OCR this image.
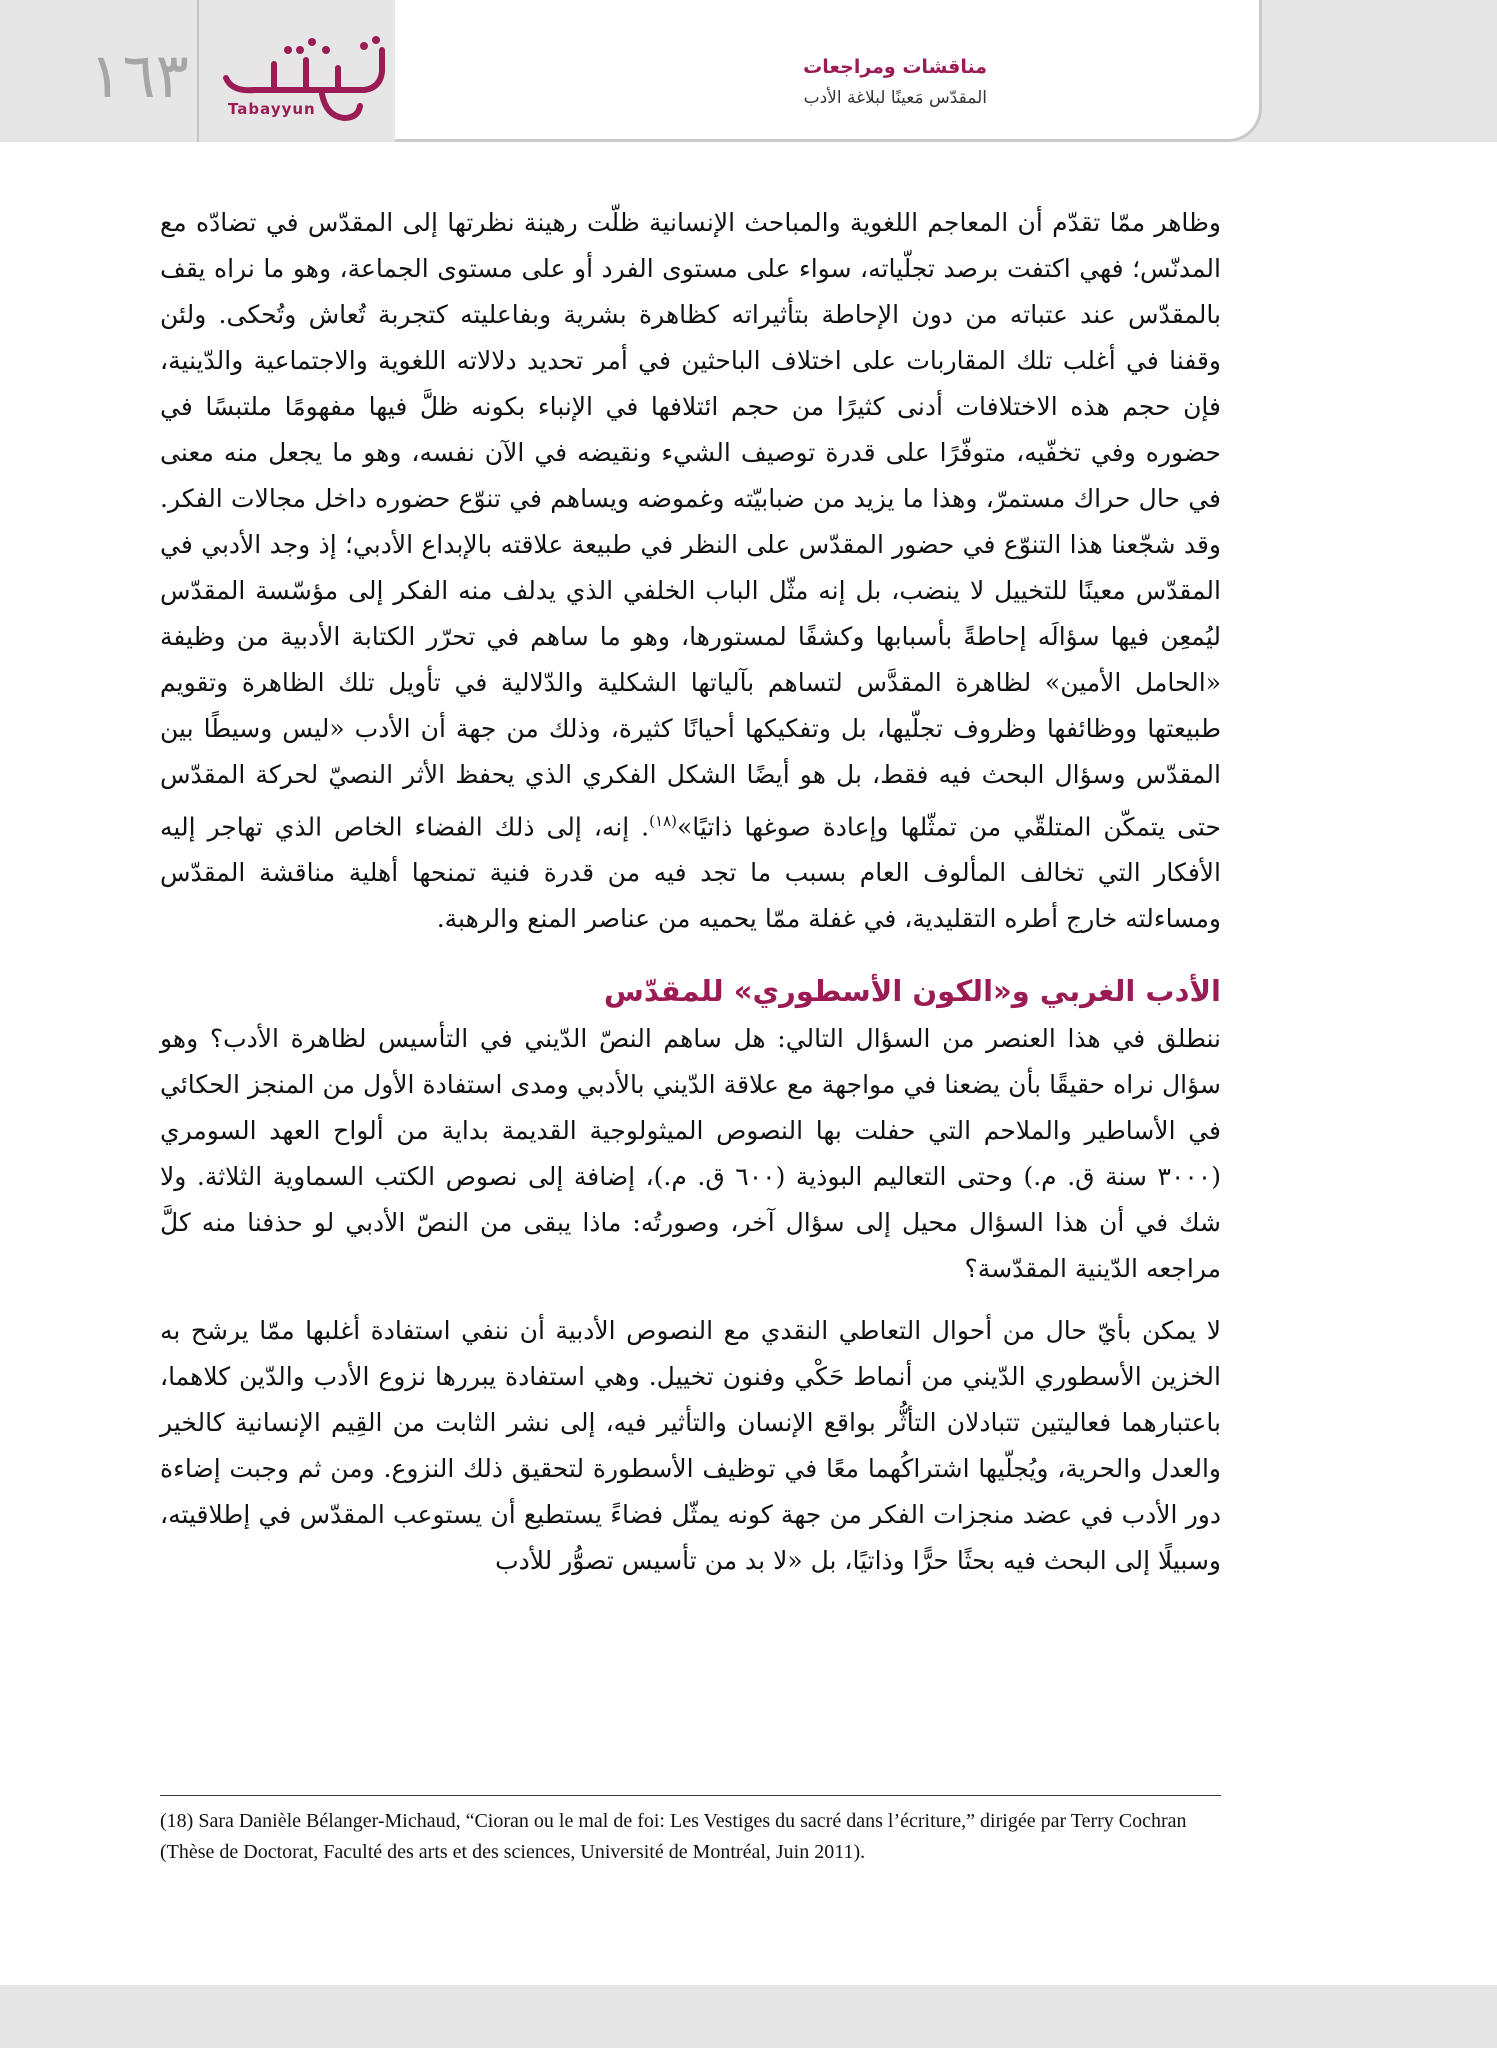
مناقشات ومراجعات
المقدّس مَعينًا لبلاغة الأدب
١٦٣	Tabayyun

وظاهر ممّا تقدّم أن المعاجم اللغوية والمباحث الإنسانية ظلّت رهينة نظرتها إلى المقدّس في تضادّه مع المدنّس؛ فهي اكتفت برصد تجلّياته، سواء على مستوى الفرد أو على مستوى الجماعة، وهو ما نراه يقف بالمقدّس عند عتباته من دون الإحاطة بتأثيراته كظاهرة بشرية وبفاعليته كتجربة تُعاش وتُحكى. ولئن وقفنا في أغلب تلك المقاربات على اختلاف الباحثين في أمر تحديد دلالاته اللغوية والاجتماعية والدّينية، فإن حجم هذه الاختلافات أدنى كثيرًا من حجم ائتلافها في الإنباء بكونه ظلَّ فيها مفهومًا ملتبسًا في حضوره وفي تخفّيه، متوفّرًا على قدرة توصيف الشيء ونقيضه في الآن نفسه، وهو ما يجعل منه معنى في حال حراك مستمرّ، وهذا ما يزيد من ضبابيّته وغموضه ويساهم في تنوّع حضوره داخل مجالات الفكر. وقد شجّعنا هذا التنوّع في حضور المقدّس على النظر في طبيعة علاقته بالإبداع الأدبي؛ إذ وجد الأدبي في المقدّس معينًا للتخييل لا ينضب، بل إنه مثّل الباب الخلفي الذي يدلف منه الفكر إلى مؤسّسة المقدّس ليُمعِن فيها سؤالَه إحاطةً بأسبابها وكشفًا لمستورها، وهو ما ساهم في تحرّر الكتابة الأدبية من وظيفة «الحامل الأمين» لظاهرة المقدَّس لتساهم بآلياتها الشكلية والدّلالية في تأويل تلك الظاهرة وتقويم طبيعتها ووظائفها وظروف تجلّيها، بل وتفكيكها أحيانًا كثيرة، وذلك من جهة أن الأدب «ليس وسيطًا بين المقدّس وسؤال البحث فيه فقط، بل هو أيضًا الشكل الفكري الذي يحفظ الأثر النصيّ لحركة المقدّس حتى يتمكّن المتلقّي من تمثّلها وإعادة صوغها ذاتيًا»$^{(١٨)}$. إنه، إلى ذلك الفضاء الخاص الذي تهاجر إليه الأفكار التي تخالف المألوف العام بسبب ما تجد فيه من قدرة فنية تمنحها أهلية مناقشة المقدّس ومساءلته خارج أطره التقليدية، في غفلة ممّا يحميه من عناصر المنع والرهبة.

الأدب الغربي و«الكون الأسطوري» للمقدّس

ننطلق في هذا العنصر من السؤال التالي: هل ساهم النصّ الدّيني في التأسيس لظاهرة الأدب؟ وهو سؤال نراه حقيقًا بأن يضعنا في مواجهة مع علاقة الدّيني بالأدبي ومدى استفادة الأول من المنجز الحكائي في الأساطير والملاحم التي حفلت بها النصوص الميثولوجية القديمة بداية من ألواح العهد السومري (٣٠٠٠ سنة ق. م.) وحتى التعاليم البوذية (٦٠٠ ق. م.)، إضافة إلى نصوص الكتب السماوية الثلاثة. ولا شك في أن هذا السؤال محيل إلى سؤال آخر، وصورتُه: ماذا يبقى من النصّ الأدبي لو حذفنا منه كلَّ مراجعه الدّينية المقدّسة؟

لا يمكن بأيّ حال من أحوال التعاطي النقدي مع النصوص الأدبية أن ننفي استفادة أغلبها ممّا يرشح به الخزين الأسطوري الدّيني من أنماط حَكْي وفنون تخييل. وهي استفادة يبررها نزوع الأدب والدّين كلاهما، باعتبارهما فعاليتين تتبادلان التأثُّر بواقع الإنسان والتأثير فيه، إلى نشر الثابت من القِيم الإنسانية كالخير والعدل والحرية، ويُجلّيها اشتراكُهما معًا في توظيف الأسطورة لتحقيق ذلك النزوع. ومن ثم وجبت إضاءة دور الأدب في عضد منجزات الفكر من جهة كونه يمثّل فضاءً يستطيع أن يستوعب المقدّس في إطلاقيته، وسبيلًا إلى البحث فيه بحثًا حرًّا وذاتيًا، بل «لا بد من تأسيس تصوُّر للأدب

(18) Sara Danièle Bélanger-Michaud, “Cioran ou le mal de foi: Les Vestiges du sacré dans l’écriture,” dirigée par Terry Cochran (Thèse de Doctorat, Faculté des arts et des sciences, Université de Montréal, Juin 2011).
